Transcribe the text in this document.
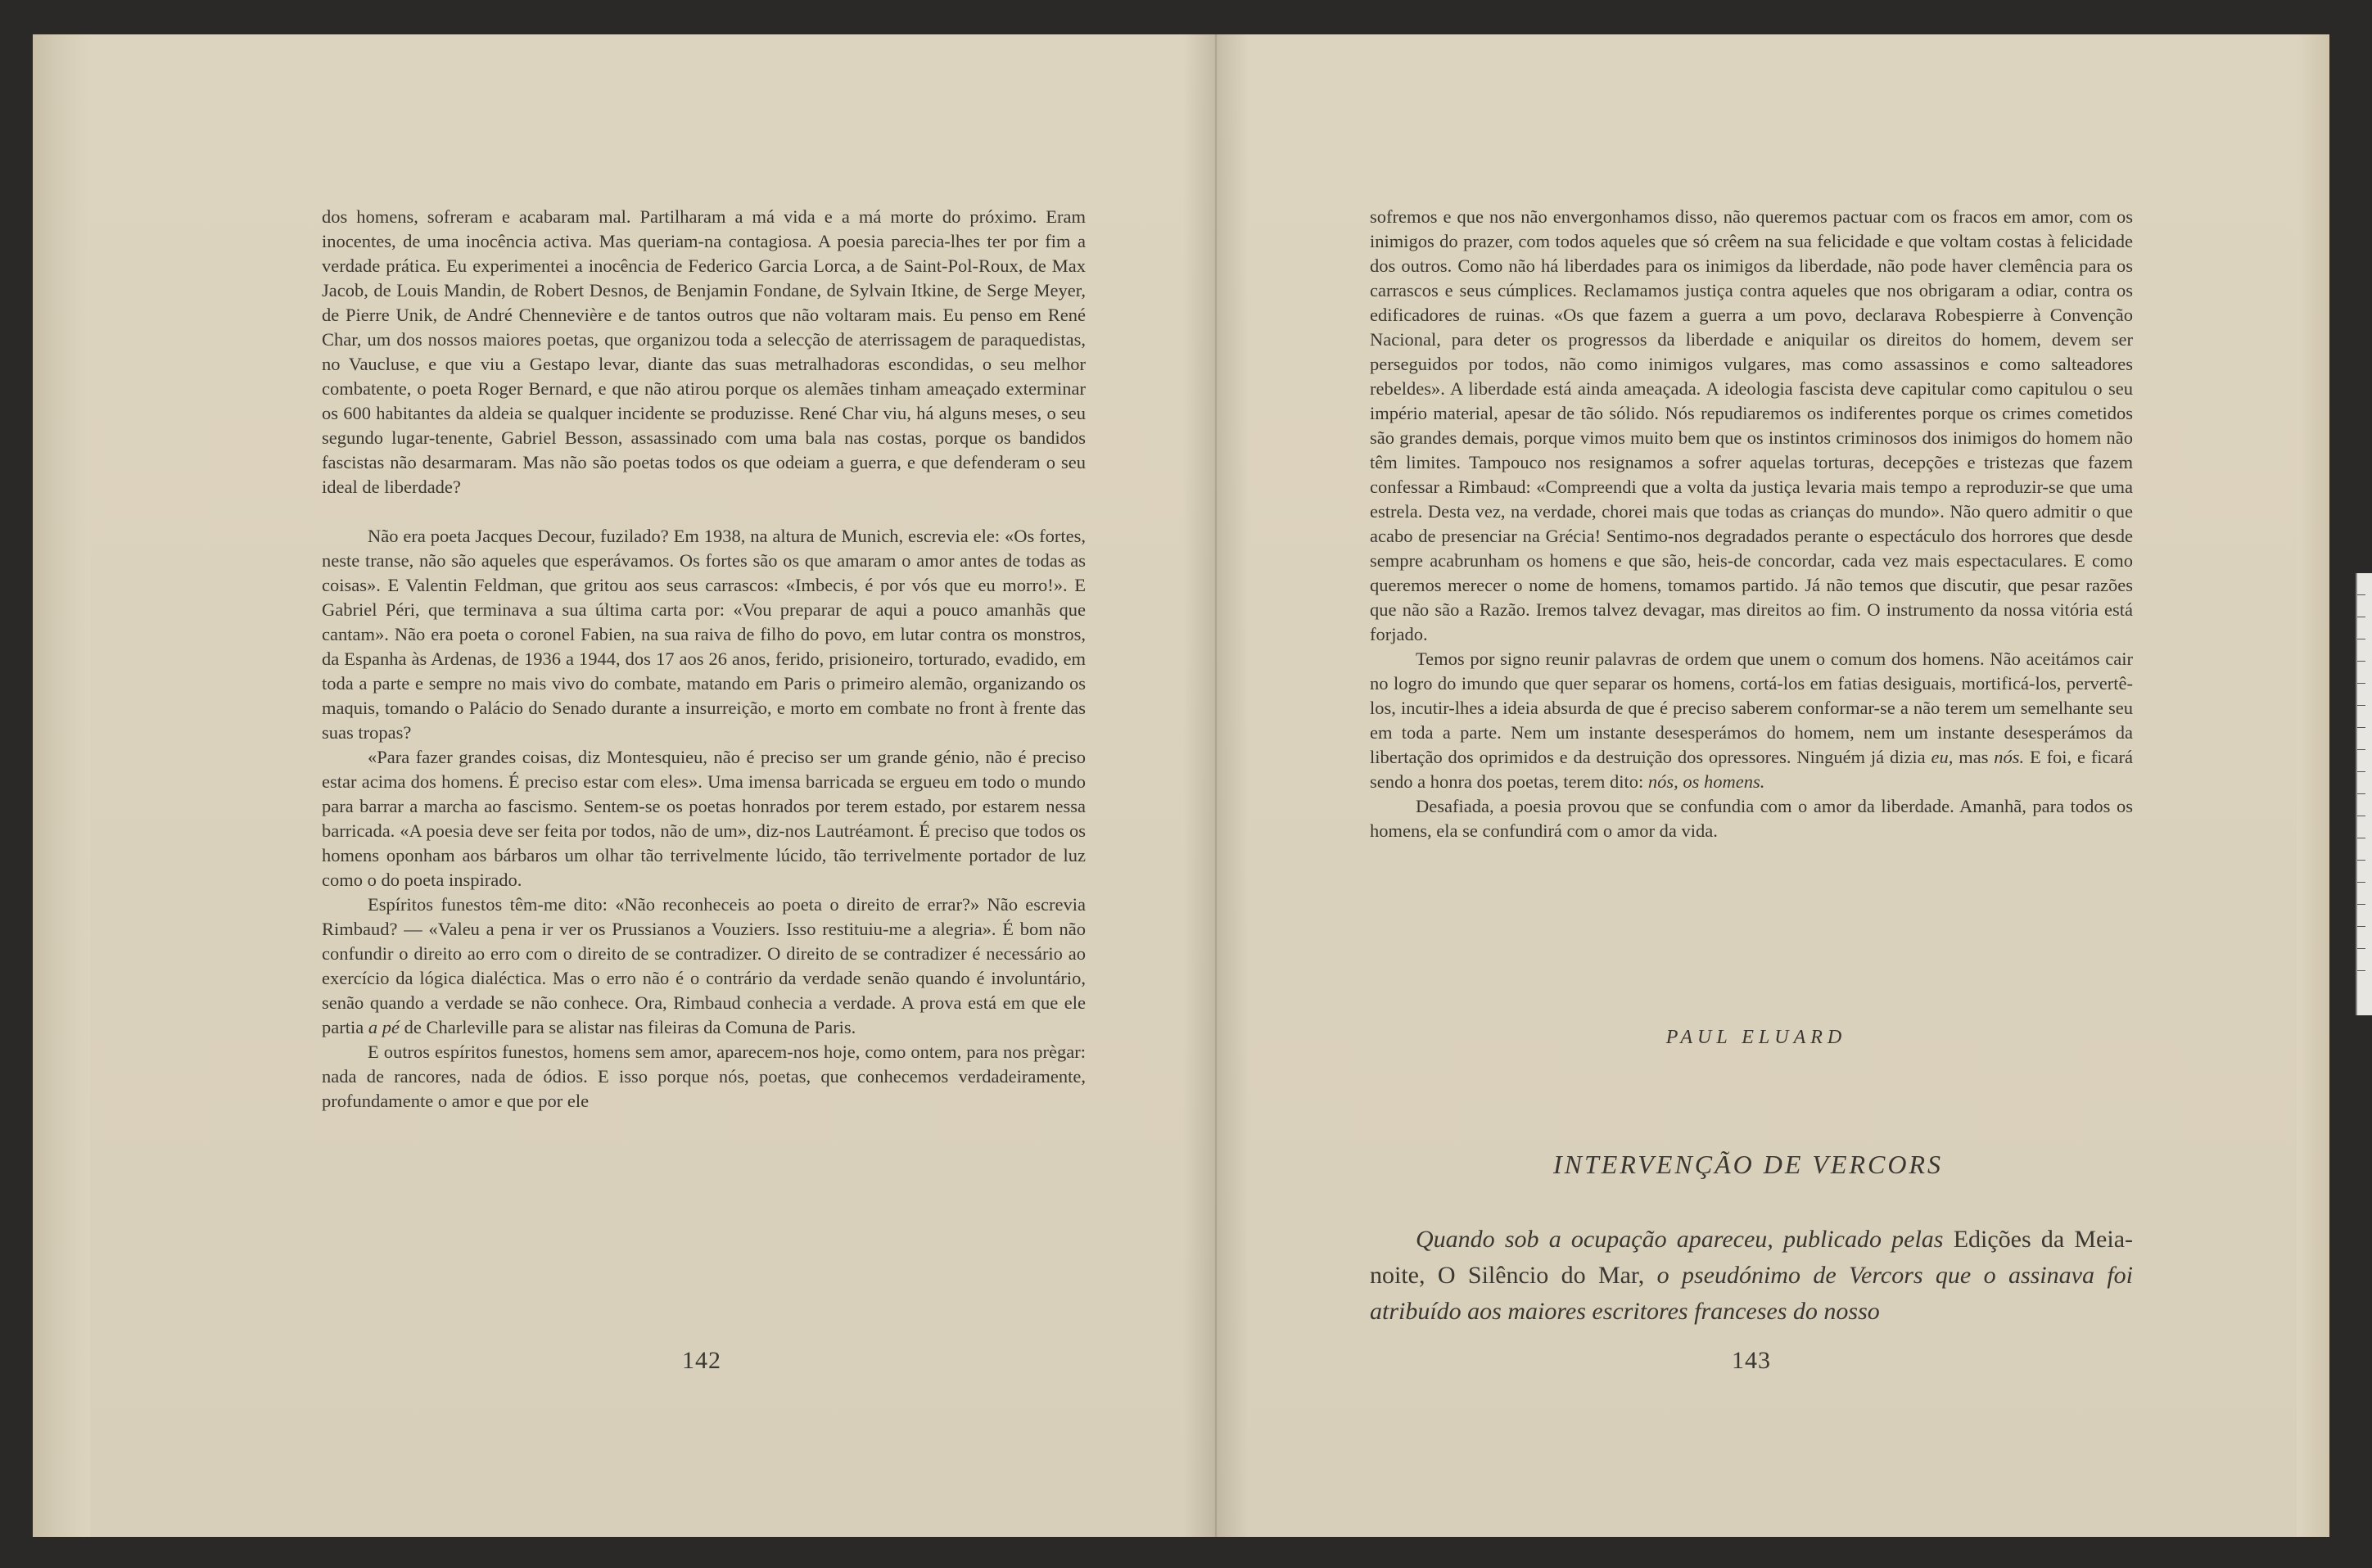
dos homens, sofreram e acabaram mal. Partilharam a má vida e a má morte do próximo. Eram inocentes, de uma inocência activa. Mas queriam-na contagiosa. A poesia parecia-lhes ter por fim a verdade prática. Eu experimentei a inocência de Federico Garcia Lorca, a de Saint-Pol-Roux, de Max Jacob, de Louis Mandin, de Robert Desnos, de Benjamin Fondane, de Sylvain Itkine, de Serge Meyer, de Pierre Unik, de André Chennevière e de tantos outros que não voltaram mais. Eu penso em René Char, um dos nossos maiores poetas, que organizou toda a selecção de aterrissagem de paraquedistas, no Vaucluse, e que viu a Gestapo levar, diante das suas metralhadoras escondidas, o seu melhor combatente, o poeta Roger Bernard, e que não atirou porque os alemães tinham ameaçado exterminar os 600 habitantes da aldeia se qualquer incidente se produzisse. René Char viu, há alguns meses, o seu segundo lugar-tenente, Gabriel Besson, assassinado com uma bala nas costas, porque os bandidos fascistas não desarmaram. Mas não são poetas todos os que odeiam a guerra, e que defenderam o seu ideal de liberdade?

Não era poeta Jacques Decour, fuzilado? Em 1938, na altura de Munich, escrevia ele: «Os fortes, neste transe, não são aqueles que esperávamos. Os fortes são os que amaram o amor antes de todas as coisas». E Valentin Feldman, que gritou aos seus carrascos: «Imbecis, é por vós que eu morro!». E Gabriel Péri, que terminava a sua última carta por: «Vou preparar de aqui a pouco amanhãs que cantam». Não era poeta o coronel Fabien, na sua raiva de filho do povo, em lutar contra os monstros, da Espanha às Ardenas, de 1936 a 1944, dos 17 aos 26 anos, ferido, prisioneiro, torturado, evadido, em toda a parte e sempre no mais vivo do combate, matando em Paris o primeiro alemão, organizando os maquis, tomando o Palácio do Senado durante a insurreição, e morto em combate no front à frente das suas tropas?

«Para fazer grandes coisas, diz Montesquieu, não é preciso ser um grande génio, não é preciso estar acima dos homens. É preciso estar com eles». Uma imensa barricada se ergueu em todo o mundo para barrar a marcha ao fascismo. Sentem-se os poetas honrados por terem estado, por estarem nessa barricada. «A poesia deve ser feita por todos, não de um», diz-nos Lautréamont. É preciso que todos os homens oponham aos bárbaros um olhar tão terrivelmente lúcido, tão terrivelmente portador de luz como o do poeta inspirado.

Espíritos funestos têm-me dito: «Não reconheceis ao poeta o direito de errar?» Não escrevia Rimbaud? — «Valeu a pena ir ver os Prussianos a Vouziers. Isso restituiu-me a alegria». É bom não confundir o direito ao erro com o direito de se contradizer. O direito de se contradizer é necessário ao exercício da lógica dialéctica. Mas o erro não é o contrário da verdade senão quando é involuntário, senão quando a verdade se não conhece. Ora, Rimbaud conhecia a verdade. A prova está em que ele partia a pé de Charleville para se alistar nas fileiras da Comuna de Paris.

E outros espíritos funestos, homens sem amor, aparecem-nos hoje, como ontem, para nos prègar: nada de rancores, nada de ódios. E isso porque nós, poetas, que conhecemos verdadeiramente, profundamente o amor e que por ele

142

sofremos e que nos não envergonhamos disso, não queremos pactuar com os fracos em amor, com os inimigos do prazer, com todos aqueles que só crêem na sua felicidade e que voltam costas à felicidade dos outros. Como não há liberdades para os inimigos da liberdade, não pode haver clemência para os carrascos e seus cúmplices. Reclamamos justiça contra aqueles que nos obrigaram a odiar, contra os edificadores de ruinas. «Os que fazem a guerra a um povo, declarava Robespierre à Convenção Nacional, para deter os progressos da liberdade e aniquilar os direitos do homem, devem ser perseguidos por todos, não como inimigos vulgares, mas como assassinos e como salteadores rebeldes». A liberdade está ainda ameaçada. A ideologia fascista deve capitular como capitulou o seu império material, apesar de tão sólido. Nós repudiaremos os indiferentes porque os crimes cometidos são grandes demais, porque vimos muito bem que os instintos criminosos dos inimigos do homem não têm limites. Tampouco nos resignamos a sofrer aquelas torturas, decepções e tristezas que fazem confessar a Rimbaud: «Compreendi que a volta da justiça levaria mais tempo a reproduzir-se que uma estrela. Desta vez, na verdade, chorei mais que todas as crianças do mundo». Não quero admitir o que acabo de presenciar na Grécia! Sentimo-nos degradados perante o espectáculo dos horrores que desde sempre acabrunham os homens e que são, heis-de concordar, cada vez mais espectaculares. E como queremos merecer o nome de homens, tomamos partido. Já não temos que discutir, que pesar razões que não são a Razão. Iremos talvez devagar, mas direitos ao fim. O instrumento da nossa vitória está forjado.

Temos por signo reunir palavras de ordem que unem o comum dos homens. Não aceitámos cair no logro do imundo que quer separar os homens, cortá-los em fatias desiguais, mortificá-los, pervertê-los, incutir-lhes a ideia absurda de que é preciso saberem conformar-se a não terem um semelhante seu em toda a parte. Nem um instante desesperámos do homem, nem um instante desesperámos da libertação dos oprimidos e da destruição dos opressores. Ninguém já dizia eu, mas nós. E foi, e ficará sendo a honra dos poetas, terem dito: nós, os homens.

Desafiada, a poesia provou que se confundia com o amor da liberdade. Amanhã, para todos os homens, ela se confundirá com o amor da vida.

PAUL ELUARD
INTERVENÇÃO DE VERCORS

Quando sob a ocupação apareceu, publicado pelas Edições da Meia-noite, O Silêncio do Mar, o pseudónimo de Vercors que o assinava foi atribuído aos maiores escritores franceses do nosso

143
